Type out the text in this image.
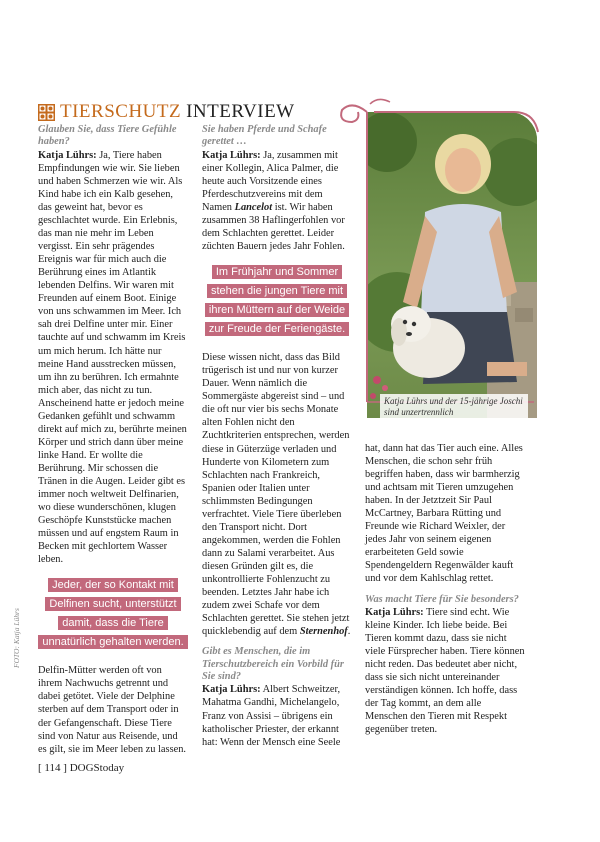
TIERSCHUTZ INTERVIEW

Glauben Sie, dass Tiere Gefühle haben?

Katja Lührs: Ja, Tiere haben Empfindungen wie wir. Sie lieben und haben Schmerzen wie wir. Als Kind habe ich ein Kalb gesehen, das geweint hat, bevor es geschlachtet wurde. Ein Erlebnis, das man nie mehr im Leben vergisst. Ein sehr prägendes Ereignis war für mich auch die Berührung eines im Atlantik lebenden Delfins. Wir waren mit Freunden auf einem Boot. Einige von uns schwammen im Meer. Ich sah drei Delfine unter mir. Einer tauchte auf und schwamm im Kreis um mich herum. Ich hätte nur meine Hand ausstrecken müssen, um ihn zu berühren. Ich ermahnte mich aber, das nicht zu tun. Anscheinend hatte er jedoch meine Gedanken gefühlt und schwamm direkt auf mich zu, berührte meinen Körper und strich dann über meine linke Hand. Er wollte die Berührung. Mir schossen die Tränen in die Augen. Leider gibt es immer noch weltweit Delfinarien, wo diese wunderschönen, klugen Geschöpfe Kunststücke machen müssen und auf engstem Raum in Becken mit gechlortem Wasser leben.

Jeder, der so Kontakt mit Delfinen sucht, unterstützt damit, dass die Tiere unnatürlich gehalten werden.

Delfin-Mütter werden oft von ihrem Nachwuchs getrennt und dabei getötet. Viele der Delphine sterben auf dem Transport oder in der Gefangenschaft. Diese Tiere sind von Natur aus Reisende, und es gilt, sie im Meer leben zu lassen.

Sie haben Pferde und Schafe gerettet …

Katja Lührs: Ja, zusammen mit einer Kollegin, Alica Palmer, die heute auch Vorsitzende eines Pferdeschutzvereins mit dem Namen Lancelot ist. Wir haben zusammen 38 Haflingerfohlen vor dem Schlachten gerettet. Leider züchten Bauern jedes Jahr Fohlen.

Im Frühjahr und Sommer stehen die jungen Tiere mit ihren Müttern auf der Weide zur Freude der Feriengäste.

Diese wissen nicht, dass das Bild trügerisch ist und nur von kurzer Dauer. Wenn nämlich die Sommergäste abgereist sind – und die oft nur vier bis sechs Monate alten Fohlen nicht den Zuchtkriterien entsprechen, werden diese in Güterzüge verladen und Hunderte von Kilometern zum Schlachten nach Frankreich, Spanien oder Italien unter schlimmsten Bedingungen verfrachtet. Viele Tiere überleben den Transport nicht. Dort angekommen, werden die Fohlen dann zu Salami verarbeitet. Aus diesen Gründen gilt es, die unkontrollierte Fohlenzucht zu beenden. Letztes Jahr habe ich zudem zwei Schafe vor dem Schlachten gerettet. Sie stehen jetzt quicklebendig auf dem Sternenhof.

Gibt es Menschen, die im Tierschutzbereich ein Vorbild für Sie sind?

Katja Lührs: Albert Schweitzer, Mahatma Gandhi, Michelangelo, Franz von Assisi – übrigens ein katholischer Priester, der erkannt hat: Wenn der Mensch eine Seele

Katja Lührs und der 15-jährige Joschi sind unzertrennlich

hat, dann hat das Tier auch eine. Alles Menschen, die schon sehr früh begriffen haben, dass wir barmherzig und achtsam mit Tieren umzugehen haben. In der Jetztzeit Sir Paul McCartney, Barbara Rütting und Freunde wie Richard Weixler, der jedes Jahr von seinem eigenen erarbeiteten Geld sowie Spendengeldern Regenwälder kauft und vor dem Kahlschlag rettet.

Was macht Tiere für Sie besonders?

Katja Lührs: Tiere sind echt. Wie kleine Kinder. Ich liebe beide. Bei Tieren kommt dazu, dass sie nicht viele Fürsprecher haben. Tiere können nicht reden. Das bedeutet aber nicht, dass sie sich nicht untereinander verständigen können. Ich hoffe, dass der Tag kommt, an dem alle Menschen den Tieren mit Respekt gegenüber treten.

FOTO: Katja Lührs
[ 114 ] DOGStoday
